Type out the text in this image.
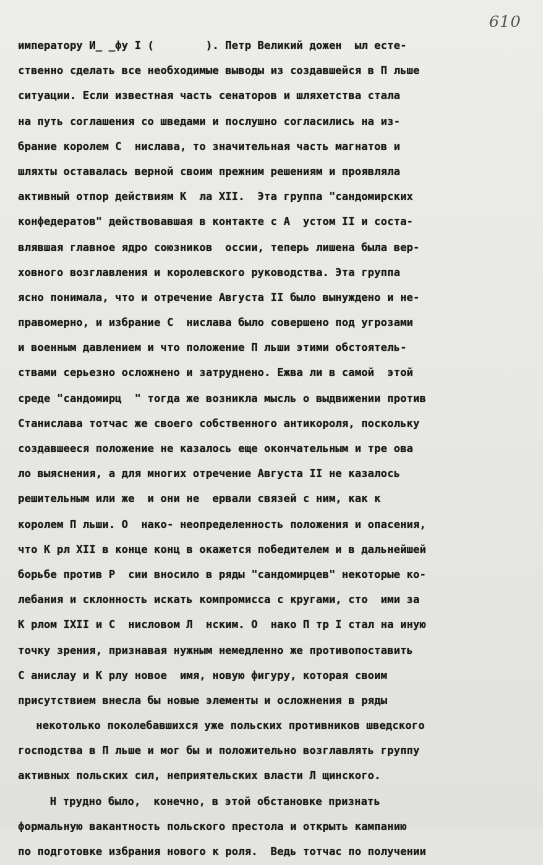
610
императору И_ _фу I (        ). Петр Великий дожен  ыл есте-
ственно сделать все необходимые выводы из создавшейся в П льше
ситуации. Если известная часть сенаторов и шляхетства стала
на путь соглашения со шведами и послушно согласились на из-
брание королем С  нислава, то значительная часть магнатов и
шляхты оставалась верной своим прежним решениям и проявляла
активный отпор действиям К  ла XII.  Эта группа "сандомирских
конфедератов" действовавшая в контакте с А  устом II и соста-
влявшая главное ядро союзников  оссии, теперь лишена была вер-
ховного возглавления и королевского руководства. Эта группа
ясно понимала, что и отречение Августа II было вынуждено и не-
правомерно, и избрание С  нислава было совершено под угрозами
и военным давлением и что положение П льши этими обстоятель-
ствами серьезно осложнено и затруднено. Ежва ли в самой  этой
среде "сандомирц  " тогда же возникла мысль о выдвижении против
Станислава тотчас же своего собственного антикороля, поскольку
создавшееся положение не казалось еще окончательным и тре ова
ло выяснения, а для многих отречение Августа II не казалось
решительным или же  и они не  ервали связей с ним, как к
королем П льши. О  нако- неопределенность положения и опасения,
что К рл XII в конце конц в окажется победителем и в дальнейшей
борьбе против Р  сии вносило в ряды "сандомирцев" некоторые ко-
лебания и склонность искать компромисса с кругами, сто  ими за
К рлом IXII и С  нисловом Л  нским. О  нако П тр I стал на иную
точку зрения, признавая нужным немедленно же противопоставить
С анислау и К рлу новое  имя, новую фигуру, которая своим
присутствием внесла бы новые элементы и осложнения в ряды
некотолько поколебавшихся уже польских противников шведского
господства в П льше и мог бы и положительно возглавлять группу
активных польских сил, неприятельских власти Л щинского.
Н трудно было,  конечно, в этой обстановке признать
формальную вакантность польского престола и открыть кампанию
по подготовке избрания нового к роля.  Ведь тотчас по получении
